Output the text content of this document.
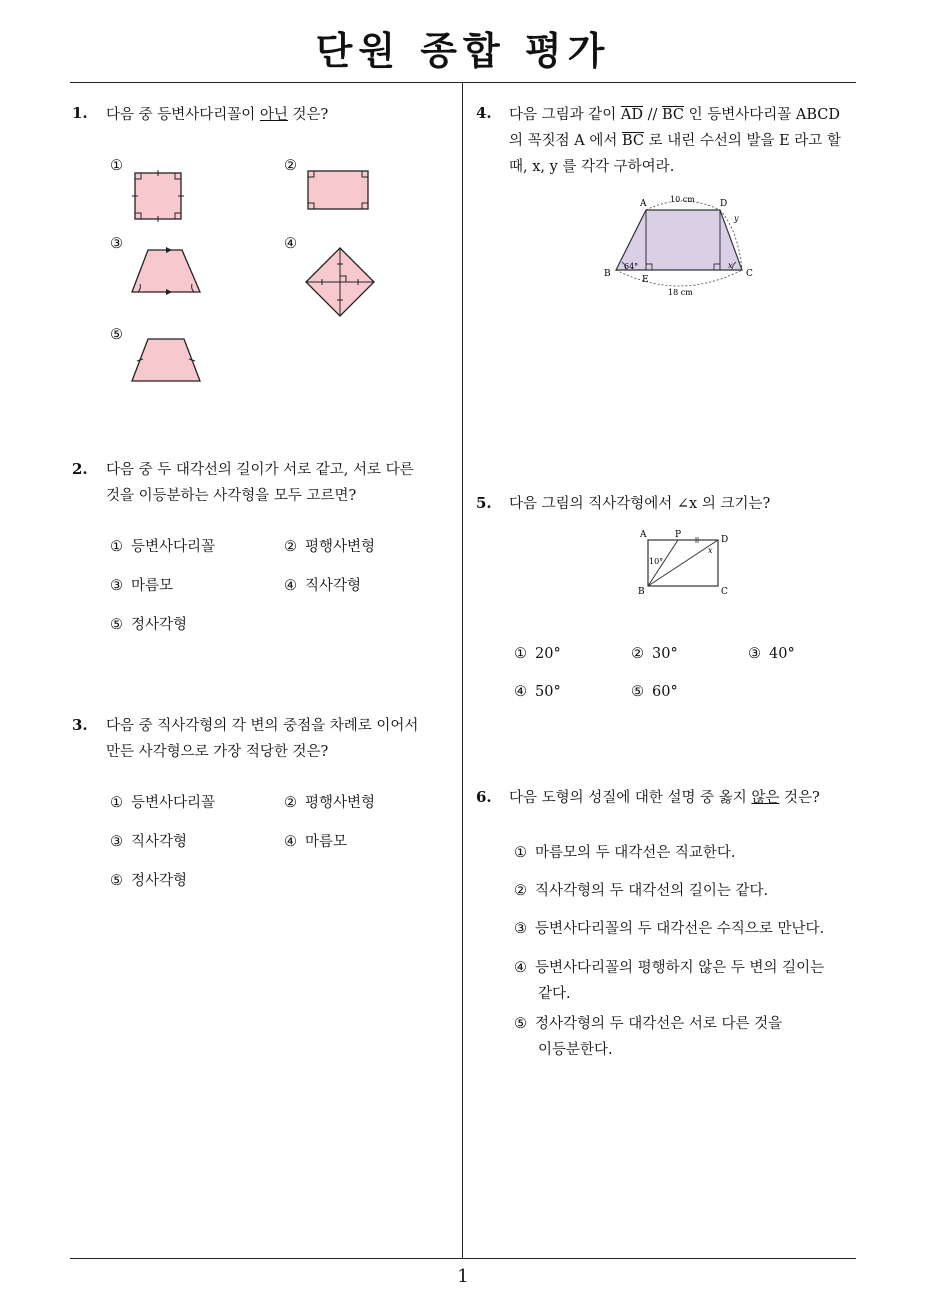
단원 종합 평가
1
1. 다음 중 등변사다리꼴이 아닌 것은?
①	②
③	④
⑤
2. 다음 중 두 대각선의 길이가 서로 같고, 서로 다른
것을 이등분하는 사각형을 모두 고르면?
① 등변사다리꼴	② 평행사변형
③ 마름모	④ 직사각형
⑤ 정사각형
3. 다음 중 직사각형의 각 변의 중점을 차례로 이어서
만든 사각형으로 가장 적당한 것은?
① 등변사다리꼴	② 평행사변형
③ 직사각형	④ 마름모
⑤ 정사각형
4. 다음 그림과 같이 $\overline{AD} // \overline{BC}$ 인 등변사다리꼴 ABCD
의 꼭짓점 A 에서 $\overline{BC}$ 로 내린 수선의 발을 E 라고 할
때, x, y 를 각각 구하여라.
A	D
B	C
E
10 cm
18 cm
64°	x
y
5. 다음 그림의 직사각형에서 ∠x 의 크기는?
A	P	D
B	C
10°
x
① 20°	② 30°	③ 40°
④ 50°	⑤ 60°
6. 다음 도형의 성질에 대한 설명 중 옳지 않은 것은?
① 마름모의 두 대각선은 직교한다.
② 직사각형의 두 대각선의 길이는 같다.
③ 등변사다리꼴의 두 대각선은 수직으로 만난다.
④ 등변사다리꼴의 평행하지 않은 두 변의 길이는
같다.
⑤ 정사각형의 두 대각선은 서로 다른 것을
이등분한다.
